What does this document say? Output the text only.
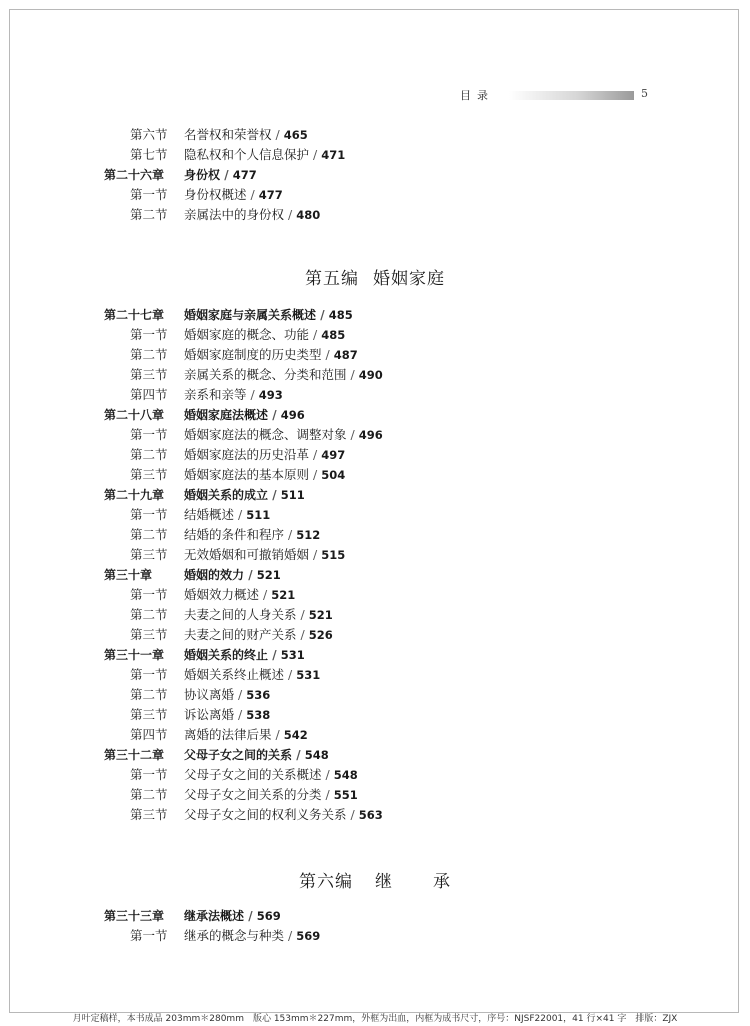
目录	5
第六节 名誉权和荣誉权 / 465
第七节 隐私权和个人信息保护 / 471
第二十六章 身份权 / 477
第一节 身份权概述 / 477
第二节 亲属法中的身份权 / 480
第五编 婚姻家庭
第二十七章 婚姻家庭与亲属关系概述 / 485
第一节 婚姻家庭的概念、功能 / 485
第二节 婚姻家庭制度的历史类型 / 487
第三节 亲属关系的概念、分类和范围 / 490
第四节 亲系和亲等 / 493
第二十八章 婚姻家庭法概述 / 496
第一节 婚姻家庭法的概念、调整对象 / 496
第二节 婚姻家庭法的历史沿革 / 497
第三节 婚姻家庭法的基本原则 / 504
第二十九章 婚姻关系的成立 / 511
第一节 结婚概述 / 511
第二节 结婚的条件和程序 / 512
第三节 无效婚姻和可撤销婚姻 / 515
第三十章	婚姻的效力 / 521
第一节 婚姻效力概述 / 521
第二节 夫妻之间的人身关系 / 521
第三节 夫妻之间的财产关系 / 526
第三十一章 婚姻关系的终止 / 531
第一节 婚姻关系终止概述 / 531
第二节 协议离婚 / 536
第三节 诉讼离婚 / 538
第四节 离婚的法律后果 / 542
第三十二章 父母子女之间的关系 / 548
第一节 父母子女之间的关系概述 / 548
第二节 父母子女之间关系的分类 / 551
第三节 父母子女之间的权利义务关系 / 563
第六编 继 承
第三十三章 继承法概述 / 569
第一节 继承的概念与种类 / 569
月叶定稿样，本书成品 203mm＊280mm　版心 153mm＊227mm，外框为出血，内框为成书尺寸，序号：NJSF22001，41 行×41 字　排版：ZJX
